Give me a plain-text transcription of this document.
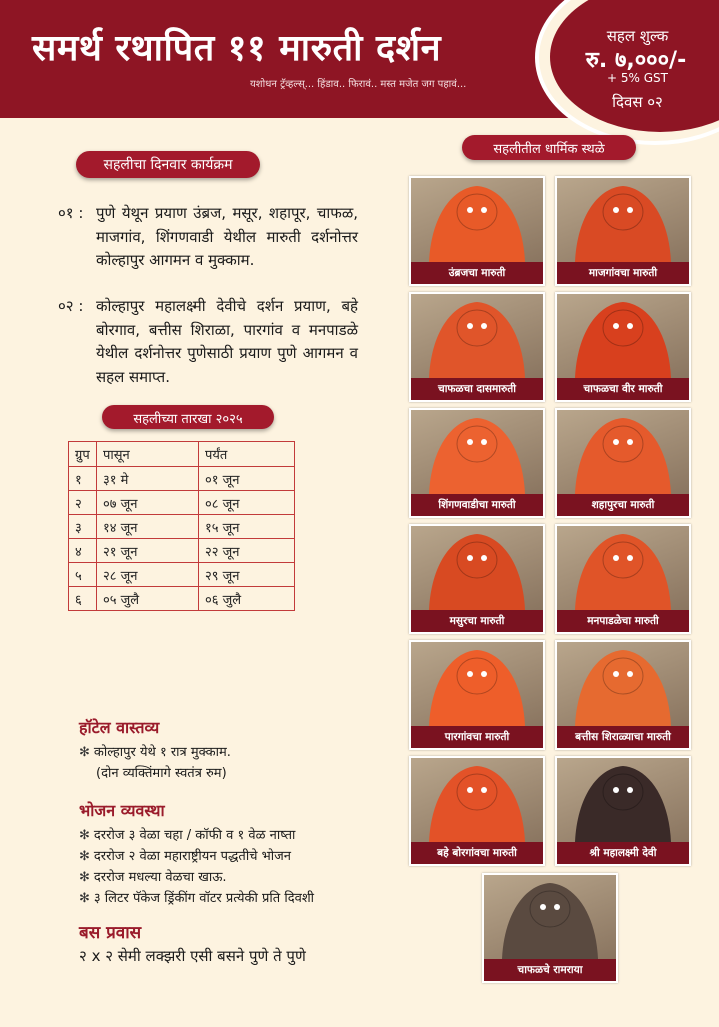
समर्थ रथापित ११ मारुती दर्शन
यशोधन ट्रॅव्हल्स्... हिंडाव.. फिरावं.. मस्त मजेत जग पहावं...
सहल शुल्क
रु. ७,०००/-
+ 5% GST
दिवस ०२
सहलीचा दिनवार कार्यक्रम
०१ : पुणे येथून प्रयाण उंब्रज, मसूर, शहापूर, चाफळ, माजगांव, शिंगणवाडी येथील मारुती दर्शनोत्तर कोल्हापुर आगमन व मुक्काम.
०२ : कोल्हापुर महालक्ष्मी देवीचे दर्शन प्रयाण, बहे बोरगाव, बत्तीस शिराळा, पारगांव व मनपाडळे येथील दर्शनोत्तर पुणेसाठी प्रयाण पुणे आगमन व सहल समाप्त.
सहलीच्या तारखा २०२५
ग्रुप	पासून	पर्यंत
१	३१ मे	०१ जून
२	०७ जून	०८ जून
३	१४ जून	१५ जून
४	२१ जून	२२ जून
५	२८ जून	२९ जून
६	०५ जुलै	०६ जुलै
हॉटेल वास्तव्य
✻ कोल्हापुर येथे १ रात्र मुक्काम.
(दोन व्यक्तिंमागे स्वतंत्र रुम)
भोजन व्यवस्था
✻ दररोज ३ वेळा चहा / कॉफी व १ वेळ नाष्ता
✻ दररोज २ वेळा महाराष्ट्रीयन पद्धतीचे भोजन
✻ दररोज मधल्या वेळचा खाऊ.
✻ ३ लिटर पॅकेज ड्रिंकींग वॉटर प्रत्येकी प्रति दिवशी
बस प्रवास
२ x २ सेमी लक्झरी एसी बसने पुणे ते पुणे
सहलीतील धार्मिक स्थळे
उंब्रजचा मारुती	माजगांवचा मारुती
चाफळचा दासमारुती	चाफळचा वीर मारुती
शिंगणवाडीचा मारुती	शहापुरचा मारुती
मसुरचा मारुती	मनपाडळेचा मारुती
पारगांवचा मारुती	बत्तीस शिराळ्याचा मारुती
बहे बोरगांवचा मारुती	श्री महालक्ष्मी देवी
चाफळचे रामराया
